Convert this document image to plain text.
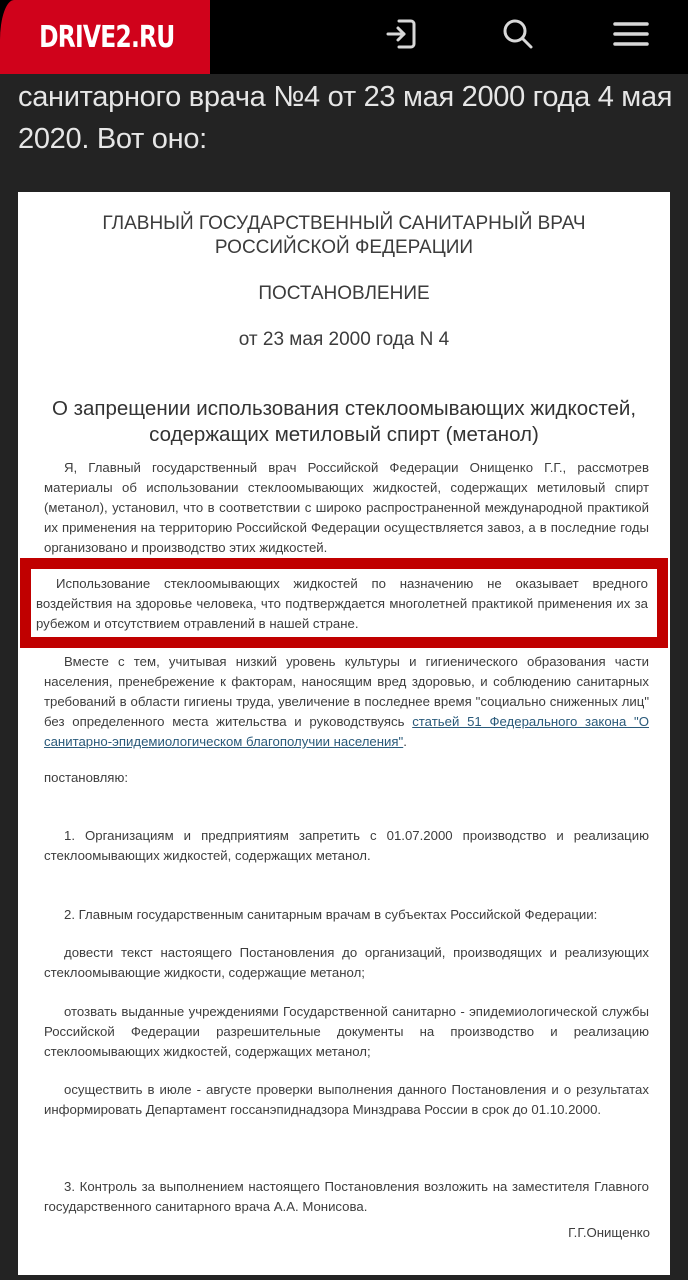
DRIVE2.RU
санитарного врача №4 от 23 мая 2000 года 4 мая 2020. Вот оно:
ГЛАВНЫЙ ГОСУДАРСТВЕННЫЙ САНИТАРНЫЙ ВРАЧ
РОССИЙСКОЙ ФЕДЕРАЦИИ
ПОСТАНОВЛЕНИЕ
от 23 мая 2000 года N 4
О запрещении использования стеклоомывающих жидкостей,
содержащих метиловый спирт (метанол)
Я, Главный государственный врач Российской Федерации Онищенко Г.Г., рассмотрев материалы об использовании стеклоомывающих жидкостей, содержащих метиловый спирт (метанол), установил, что в соответствии с широко распространенной международной практикой их применения на территорию Российской Федерации осуществляется завоз, а в последние годы организовано и производство этих жидкостей.
Использование стеклоомывающих жидкостей по назначению не оказывает вредного воздействия на здоровье человека, что подтверждается многолетней практикой применения их за рубежом и отсутствием отравлений в нашей стране.
Вместе с тем, учитывая низкий уровень культуры и гигиенического образования части населения, пренебрежение к факторам, наносящим вред здоровью, и соблюдению санитарных требований в области гигиены труда, увеличение в последнее время "социально сниженных лиц" без определенного места жительства и руководствуясь статьей 51 Федерального закона "О санитарно-эпидемиологическом благополучии населения".
постановляю:
1. Организациям и предприятиям запретить с 01.07.2000 производство и реализацию стеклоомывающих жидкостей, содержащих метанол.
2. Главным государственным санитарным врачам в субъектах Российской Федерации:
довести текст настоящего Постановления до организаций, производящих и реализующих стеклоомывающие жидкости, содержащие метанол;
отозвать выданные учреждениями Государственной санитарно - эпидемиологической службы Российской Федерации разрешительные документы на производство и реализацию стеклоомывающих жидкостей, содержащих метанол;
осуществить в июле - августе проверки выполнения данного Постановления и о результатах информировать Департамент госсанэпиднадзора Минздрава России в срок до 01.10.2000.
3. Контроль за выполнением настоящего Постановления возложить на заместителя Главного государственного санитарного врача А.А. Монисова.
Г.Г.Онищенко
